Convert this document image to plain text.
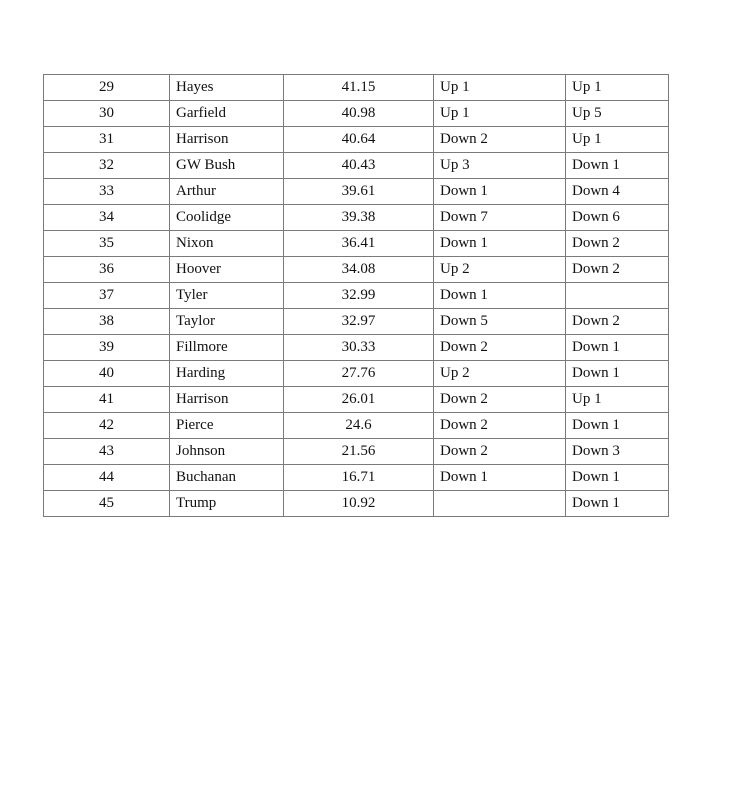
29	Hayes	41.15	Up 1	Up 1
30	Garfield	40.98	Up 1	Up 5
31	Harrison	40.64	Down 2	Up 1
32	GW Bush	40.43	Up 3	Down 1
33	Arthur	39.61	Down 1	Down 4
34	Coolidge	39.38	Down 7	Down 6
35	Nixon	36.41	Down 1	Down 2
36	Hoover	34.08	Up 2	Down 2
37	Tyler	32.99	Down 1	
38	Taylor	32.97	Down 5	Down 2
39	Fillmore	30.33	Down 2	Down 1
40	Harding	27.76	Up 2	Down 1
41	Harrison	26.01	Down 2	Up 1
42	Pierce	24.6	Down 2	Down 1
43	Johnson	21.56	Down 2	Down 3
44	Buchanan	16.71	Down 1	Down 1
45	Trump	10.92		Down 1
